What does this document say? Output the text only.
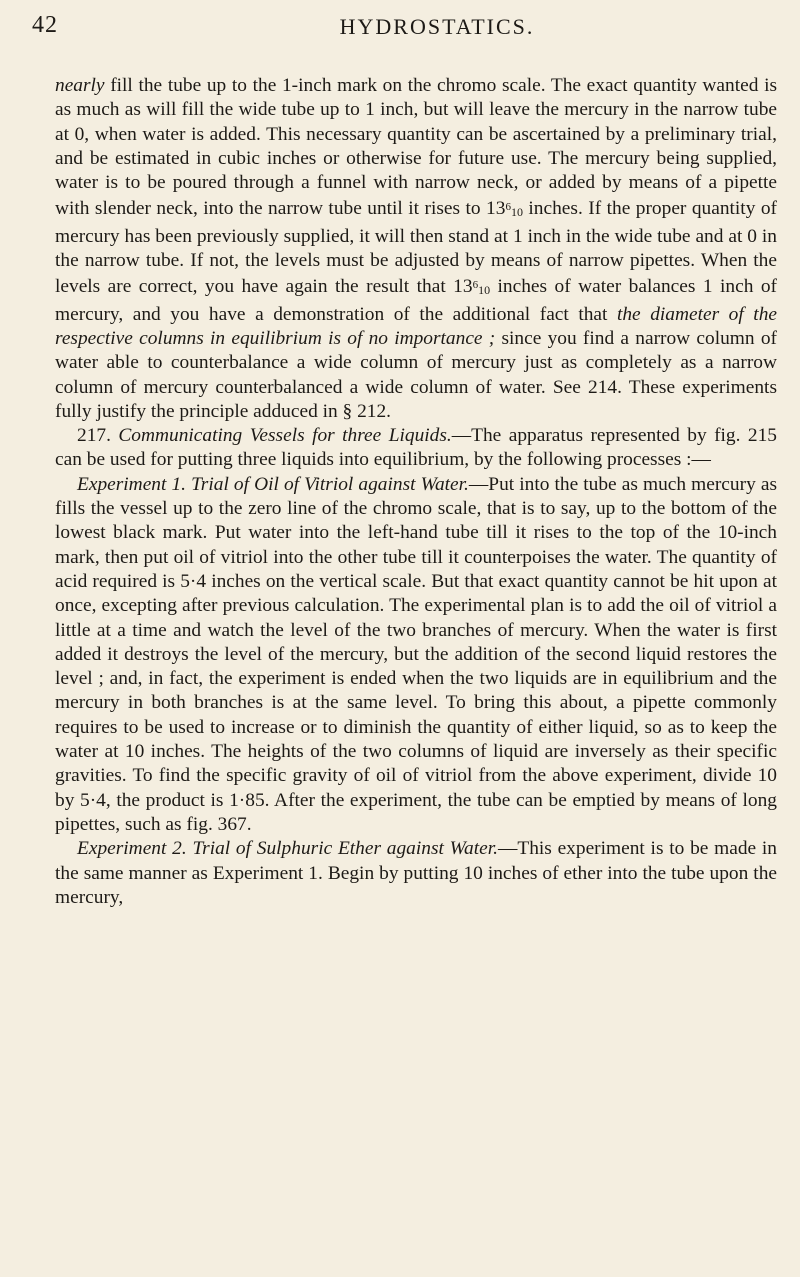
42	HYDROSTATICS.

nearly fill the tube up to the 1-inch mark on the chromo scale. The exact quantity wanted is as much as will fill the wide tube up to 1 inch, but will leave the mercury in the narrow tube at 0, when water is added. This necessary quantity can be ascertained by a preliminary trial, and be estimated in cubic inches or otherwise for future use. The mercury being supplied, water is to be poured through a funnel with narrow neck, or added by means of a pipette with slender neck, into the narrow tube until it rises to $13^610$ inches. If the proper quantity of mercury has been previously supplied, it will then stand at 1 inch in the wide tube and at 0 in the narrow tube. If not, the levels must be adjusted by means of narrow pipettes. When the levels are correct, you have again the result that $13^610$ inches of water balances 1 inch of mercury, and you have a demonstration of the additional fact that the diameter of the respective columns in equilibrium is of no importance ; since you find a narrow column of water able to counterbalance a wide column of mercury just as completely as a narrow column of mercury counterbalanced a wide column of water. See 214. These experiments fully justify the principle adduced in § 212.

217. Communicating Vessels for three Liquids.—The apparatus represented by fig. 215 can be used for putting three liquids into equilibrium, by the following processes :—

Experiment 1. Trial of Oil of Vitriol against Water.—Put into the tube as much mercury as fills the vessel up to the zero line of the chromo scale, that is to say, up to the bottom of the lowest black mark. Put water into the left-hand tube till it rises to the top of the 10-inch mark, then put oil of vitriol into the other tube till it counterpoises the water. The quantity of acid required is 5·4 inches on the vertical scale. But that exact quantity cannot be hit upon at once, excepting after previous calculation. The experimental plan is to add the oil of vitriol a little at a time and watch the level of the two branches of mercury. When the water is first added it destroys the level of the mercury, but the addition of the second liquid restores the level ; and, in fact, the experiment is ended when the two liquids are in equilibrium and the mercury in both branches is at the same level. To bring this about, a pipette commonly requires to be used to increase or to diminish the quantity of either liquid, so as to keep the water at 10 inches. The heights of the two columns of liquid are inversely as their specific gravities. To find the specific gravity of oil of vitriol from the above experiment, divide 10 by 5·4, the product is 1·85. After the experiment, the tube can be emptied by means of long pipettes, such as fig. 367.

Experiment 2. Trial of Sulphuric Ether against Water.—This experiment is to be made in the same manner as Experiment 1. Begin by putting 10 inches of ether into the tube upon the mercury,
